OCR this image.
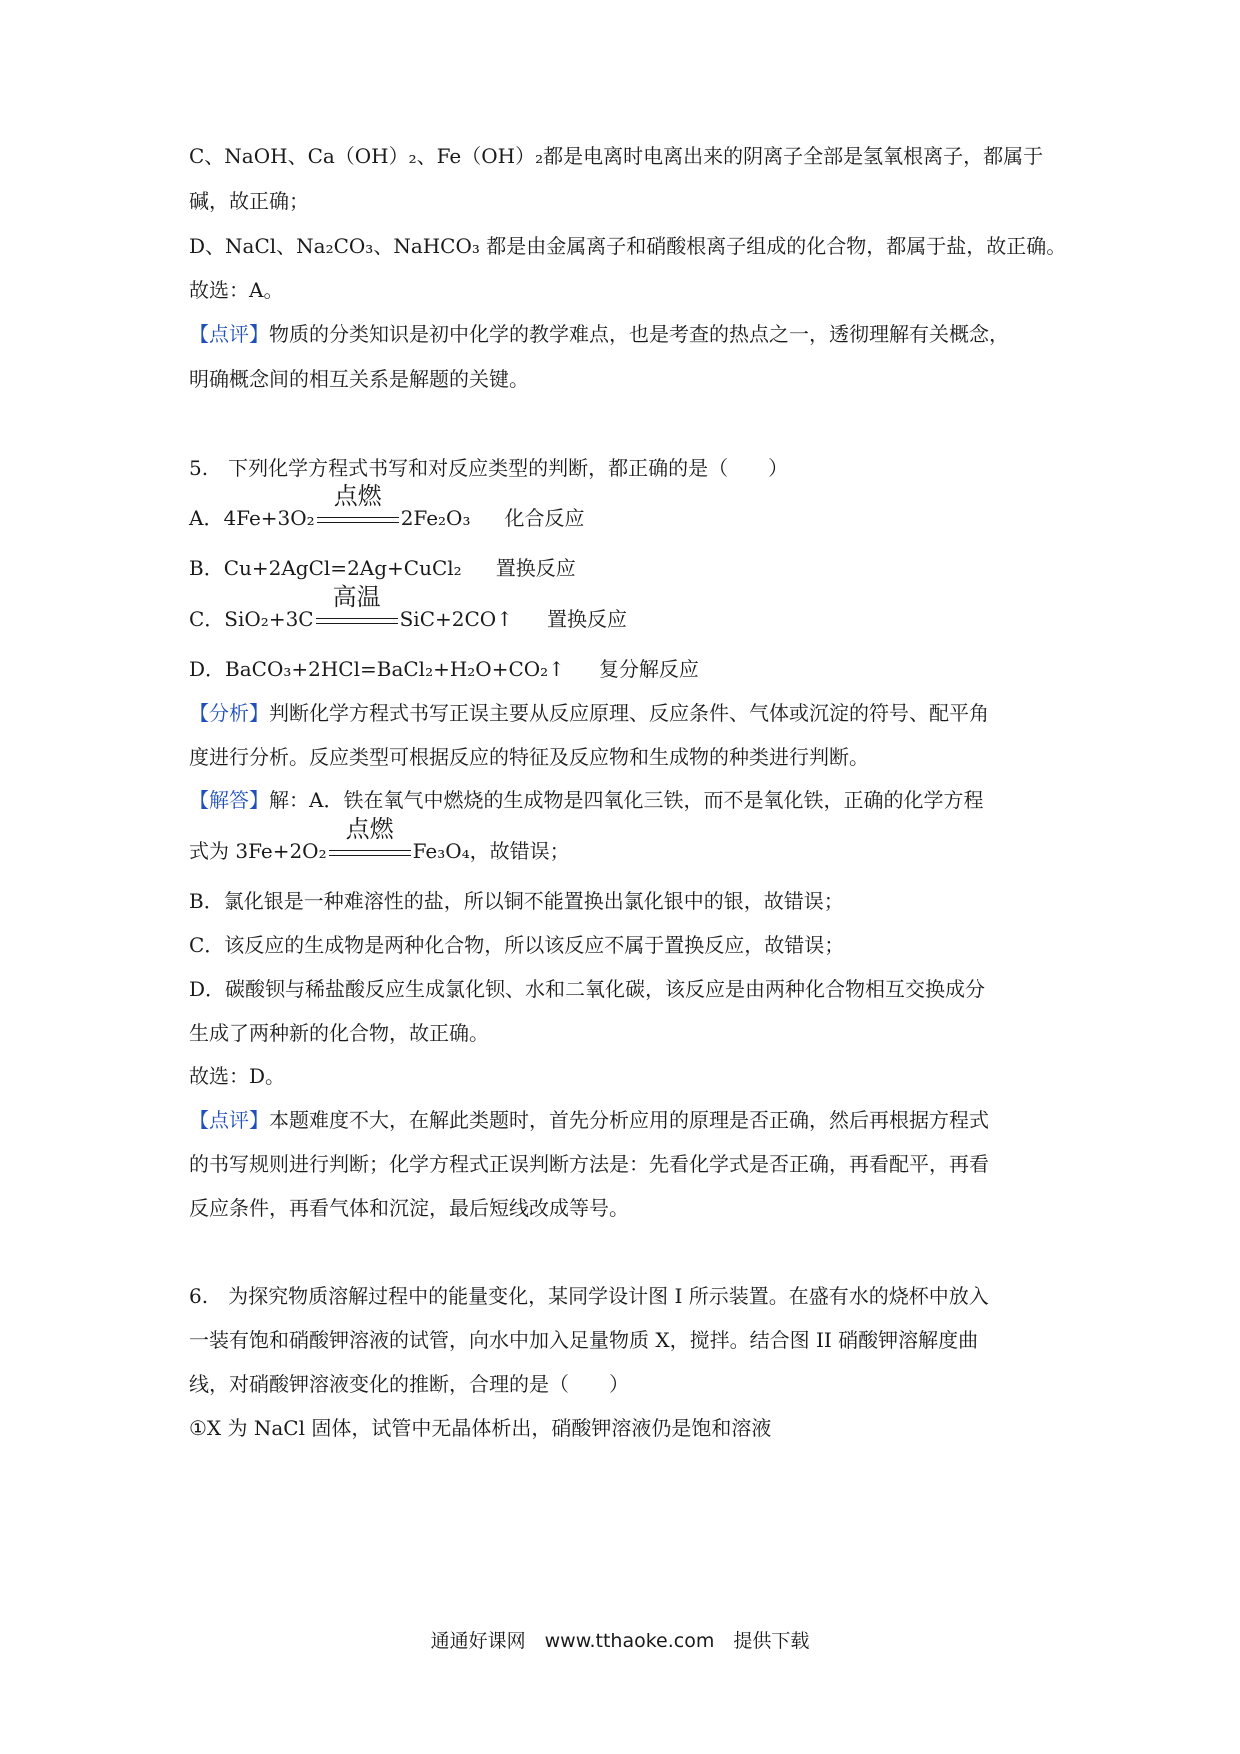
C、NaOH、Ca（OH）₂、Fe（OH）₂都是电离时电离出来的阴离子全部是氢氧根离子，都属于
碱，故正确；
D、NaCl、Na₂CO₃、NaHCO₃ 都是由金属离子和硝酸根离子组成的化合物，都属于盐，故正确。
故选：A。
【点评】物质的分类知识是初中化学的教学难点，也是考查的热点之一，透彻理解有关概念，
明确概念间的相互关系是解题的关键。
5.　下列化学方程式书写和对反应类型的判断，都正确的是（　　）
A．4Fe+3O₂
点燃
2Fe₂O₃ 化合反应
B．Cu+2AgCl=2Ag+CuCl₂ 置换反应
C．SiO₂+3C
高温
SiC+2CO↑ 置换反应
D．BaCO₃+2HCl=BaCl₂+H₂O+CO₂↑ 复分解反应
【分析】判断化学方程式书写正误主要从反应原理、反应条件、气体或沉淀的符号、配平角
度进行分析。反应类型可根据反应的特征及反应物和生成物的种类进行判断。
【解答】解：A．铁在氧气中燃烧的生成物是四氧化三铁，而不是氧化铁，正确的化学方程
式为 3Fe+2O₂
点燃
Fe₃O₄，故错误；
B．氯化银是一种难溶性的盐，所以铜不能置换出氯化银中的银，故错误；
C．该反应的生成物是两种化合物，所以该反应不属于置换反应，故错误；
D．碳酸钡与稀盐酸反应生成氯化钡、水和二氧化碳，该反应是由两种化合物相互交换成分
生成了两种新的化合物，故正确。
故选：D。
【点评】本题难度不大，在解此类题时，首先分析应用的原理是否正确，然后再根据方程式
的书写规则进行判断；化学方程式正误判断方法是：先看化学式是否正确，再看配平，再看
反应条件，再看气体和沉淀，最后短线改成等号。
6.　为探究物质溶解过程中的能量变化，某同学设计图 I 所示装置。在盛有水的烧杯中放入
一装有饱和硝酸钾溶液的试管，向水中加入足量物质 X，搅拌。结合图 II 硝酸钾溶解度曲
线，对硝酸钾溶液变化的推断，合理的是（　　）
①X 为 NaCl 固体，试管中无晶体析出，硝酸钾溶液仍是饱和溶液
通通好课网　www.tthaoke.com　提供下载
